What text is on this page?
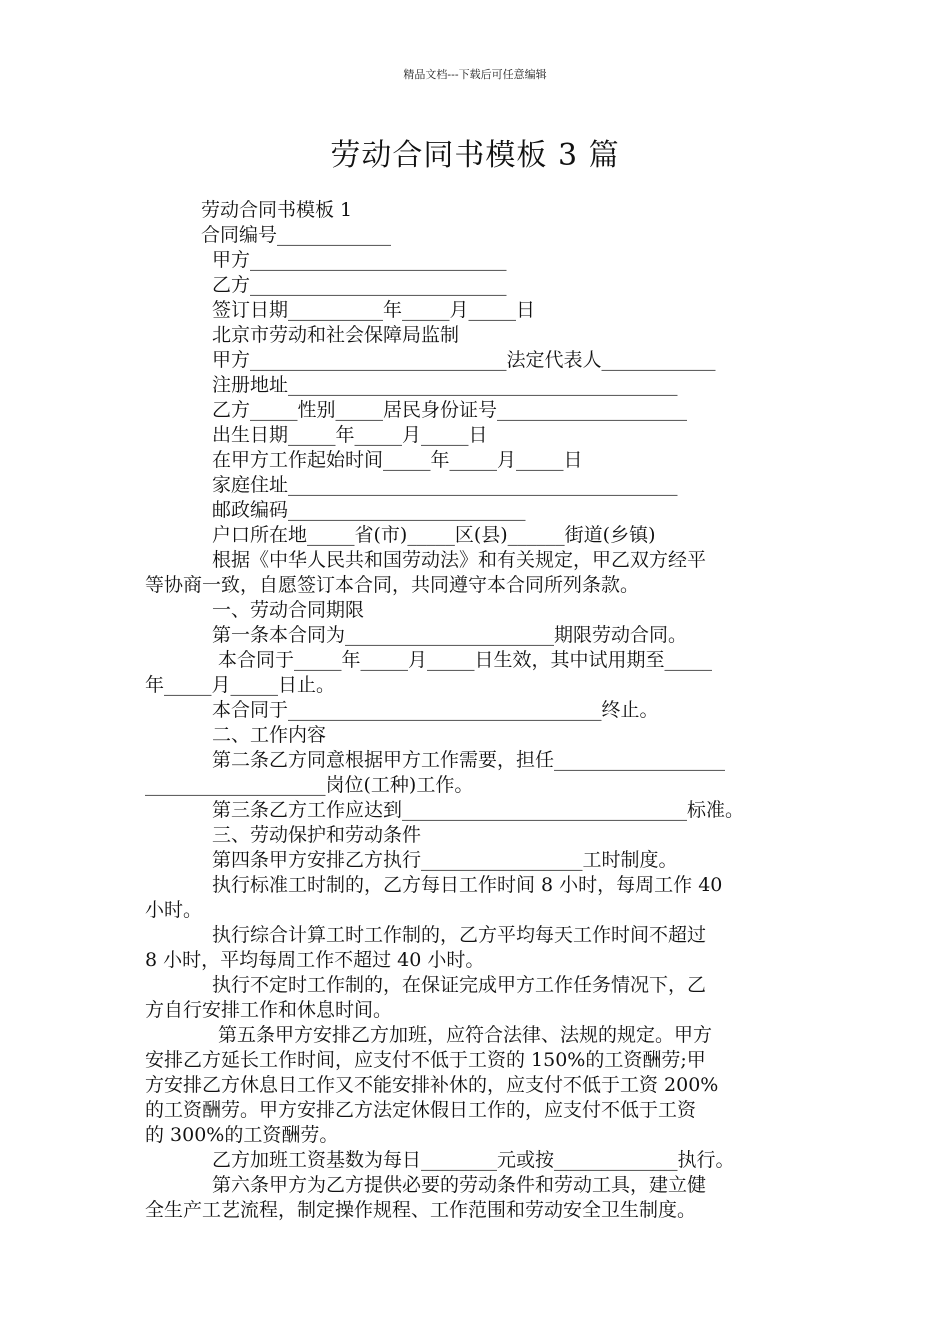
精品文档---下载后可任意编辑
劳动合同书模板 3 篇
劳动合同书模板 1
合同编号____________
甲方___________________________
乙方___________________________
签订日期__________年_____月_____日
北京市劳动和社会保障局监制
甲方___________________________法定代表人____________
注册地址_________________________________________
乙方_____性别_____居民身份证号____________________
出生日期_____年_____月_____日
在甲方工作起始时间_____年_____月_____日
家庭住址_________________________________________
邮政编码_________________________
户口所在地_____省(市)_____区(县)______街道(乡镇)
根据《中华人民共和国劳动法》和有关规定，甲乙双方经平
等协商一致，自愿签订本合同，共同遵守本合同所列条款。
一、劳动合同期限
第一条本合同为______________________期限劳动合同。
本合同于_____年_____月_____日生效，其中试用期至_____
年_____月_____日止。
本合同于_________________________________终止。
二、工作内容
第二条乙方同意根据甲方工作需要，担任__________________
___________________岗位(工种)工作。
第三条乙方工作应达到______________________________标准。
三、劳动保护和劳动条件
第四条甲方安排乙方执行_________________工时制度。
执行标准工时制的，乙方每日工作时间 8 小时，每周工作 40
小时。
执行综合计算工时工作制的，乙方平均每天工作时间不超过
8 小时，平均每周工作不超过 40 小时。
执行不定时工作制的，在保证完成甲方工作任务情况下，乙
方自行安排工作和休息时间。
第五条甲方安排乙方加班，应符合法律、法规的规定。甲方
安排乙方延长工作时间，应支付不低于工资的 150%的工资酬劳;甲
方安排乙方休息日工作又不能安排补休的，应支付不低于工资 200%
的工资酬劳。甲方安排乙方法定休假日工作的，应支付不低于工资
的 300%的工资酬劳。
乙方加班工资基数为每日________元或按_____________执行。
第六条甲方为乙方提供必要的劳动条件和劳动工具，建立健
全生产工艺流程，制定操作规程、工作范围和劳动安全卫生制度。
